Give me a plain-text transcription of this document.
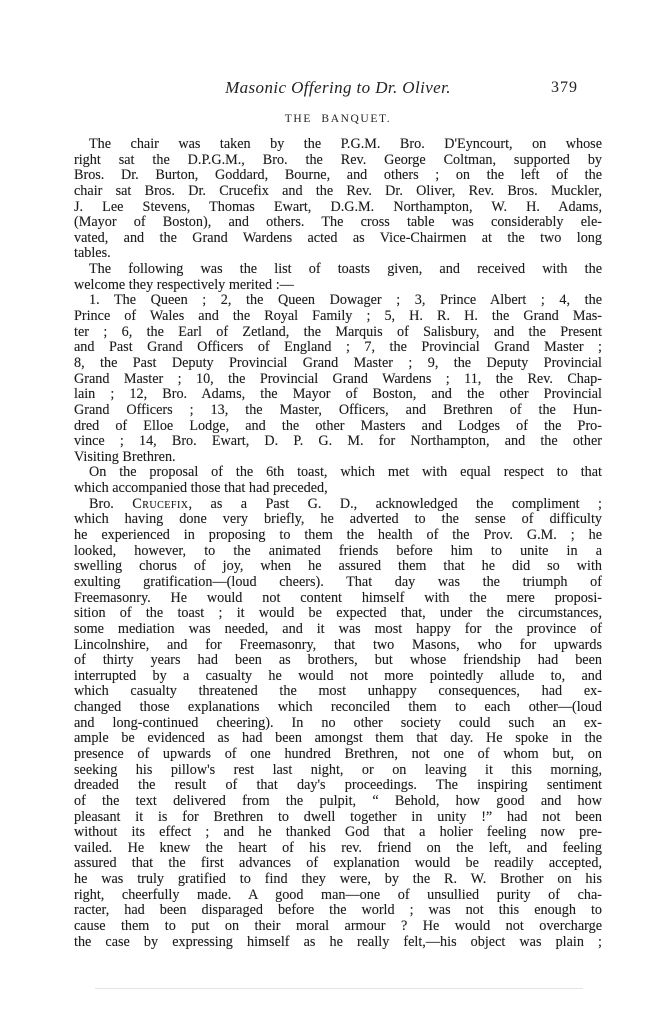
Masonic Offering to Dr. Oliver.	379
THE BANQUET.
The chair was taken by the P.G.M. Bro. D'Eyncourt, on whose
right sat the D.P.G.M., Bro. the Rev. George Coltman, supported by
Bros. Dr. Burton, Goddard, Bourne, and others ; on the left of the
chair sat Bros. Dr. Crucefix and the Rev. Dr. Oliver, Rev. Bros. Muckler,
J. Lee Stevens, Thomas Ewart, D.G.M. Northampton, W. H. Adams,
(Mayor of Boston), and others. The cross table was considerably ele-
vated, and the Grand Wardens acted as Vice-Chairmen at the two long
tables.
The following was the list of toasts given, and received with the
welcome they respectively merited :—
1. The Queen ; 2, the Queen Dowager ; 3, Prince Albert ; 4, the
Prince of Wales and the Royal Family ; 5, H. R. H. the Grand Mas-
ter ; 6, the Earl of Zetland, the Marquis of Salisbury, and the Present
and Past Grand Officers of England ; 7, the Provincial Grand Master ;
8, the Past Deputy Provincial Grand Master ; 9, the Deputy Provincial
Grand Master ; 10, the Provincial Grand Wardens ; 11, the Rev. Chap-
lain ; 12, Bro. Adams, the Mayor of Boston, and the other Provincial
Grand Officers ; 13, the Master, Officers, and Brethren of the Hun-
dred of Elloe Lodge, and the other Masters and Lodges of the Pro-
vince ; 14, Bro. Ewart, D. P. G. M. for Northampton, and the other
Visiting Brethren.
On the proposal of the 6th toast, which met with equal respect to that
which accompanied those that had preceded,
Bro. Crucefix, as a Past G. D., acknowledged the compliment ;
which having done very briefly, he adverted to the sense of difficulty
he experienced in proposing to them the health of the Prov. G.M. ; he
looked, however, to the animated friends before him to unite in a
swelling chorus of joy, when he assured them that he did so with
exulting gratification—(loud cheers). That day was the triumph of
Freemasonry. He would not content himself with the mere proposi-
sition of the toast ; it would be expected that, under the circumstances,
some mediation was needed, and it was most happy for the province of
Lincolnshire, and for Freemasonry, that two Masons, who for upwards
of thirty years had been as brothers, but whose friendship had been
interrupted by a casualty he would not more pointedly allude to, and
which casualty threatened the most unhappy consequences, had ex-
changed those explanations which reconciled them to each other—(loud
and long-continued cheering). In no other society could such an ex-
ample be evidenced as had been amongst them that day. He spoke in the
presence of upwards of one hundred Brethren, not one of whom but, on
seeking his pillow's rest last night, or on leaving it this morning,
dreaded the result of that day's proceedings. The inspiring sentiment
of the text delivered from the pulpit, “ Behold, how good and how
pleasant it is for Brethren to dwell together in unity !” had not been
without its effect ; and he thanked God that a holier feeling now pre-
vailed. He knew the heart of his rev. friend on the left, and feeling
assured that the first advances of explanation would be readily accepted,
he was truly gratified to find they were, by the R. W. Brother on his
right, cheerfully made. A good man—one of unsullied purity of cha-
racter, had been disparaged before the world ; was not this enough to
cause them to put on their moral armour ? He would not overcharge
the case by expressing himself as he really felt,—his object was plain ;
